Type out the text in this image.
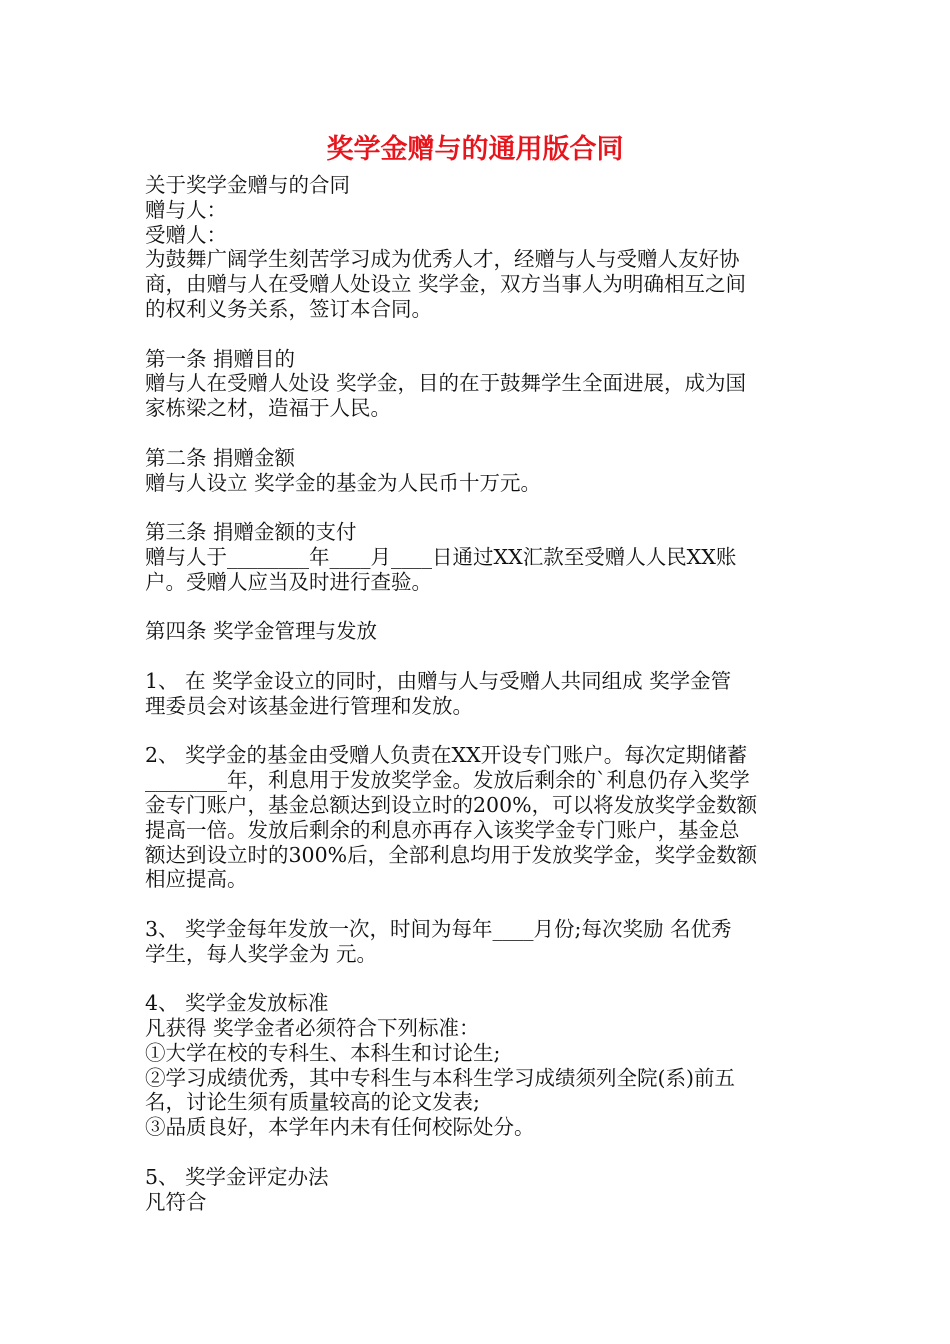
奖学金赠与的通用版合同
关于奖学金赠与的合同
赠与人：
受赠人：
为鼓舞广阔学生刻苦学习成为优秀人才，经赠与人与受赠人友好协
商，由赠与人在受赠人处设立 奖学金，双方当事人为明确相互之间
的权利义务关系，签订本合同。
第一条 捐赠目的
赠与人在受赠人处设 奖学金，目的在于鼓舞学生全面进展，成为国
家栋梁之材，造福于人民。
第二条 捐赠金额
赠与人设立 奖学金的基金为人民币十万元。
第三条 捐赠金额的支付
赠与人于________年____月____日通过XX汇款至受赠人人民XX账
户。受赠人应当及时进行查验。
第四条 奖学金管理与发放
1、 在 奖学金设立的同时，由赠与人与受赠人共同组成 奖学金管
理委员会对该基金进行管理和发放。
2、 奖学金的基金由受赠人负责在XX开设专门账户。每次定期储蓄
________年，利息用于发放奖学金。发放后剩余的`利息仍存入奖学
金专门账户，基金总额达到设立时的200%，可以将发放奖学金数额
提高一倍。发放后剩余的利息亦再存入该奖学金专门账户，基金总
额达到设立时的300%后，全部利息均用于发放奖学金，奖学金数额
相应提高。
3、 奖学金每年发放一次，时间为每年____月份;每次奖励 名优秀
学生，每人奖学金为 元。
4、 奖学金发放标准
凡获得 奖学金者必须符合下列标准：
①大学在校的专科生、本科生和讨论生;
②学习成绩优秀，其中专科生与本科生学习成绩须列全院(系)前五
名，讨论生须有质量较高的论文发表;
③品质良好，本学年内未有任何校际处分。
5、 奖学金评定办法
凡符合
